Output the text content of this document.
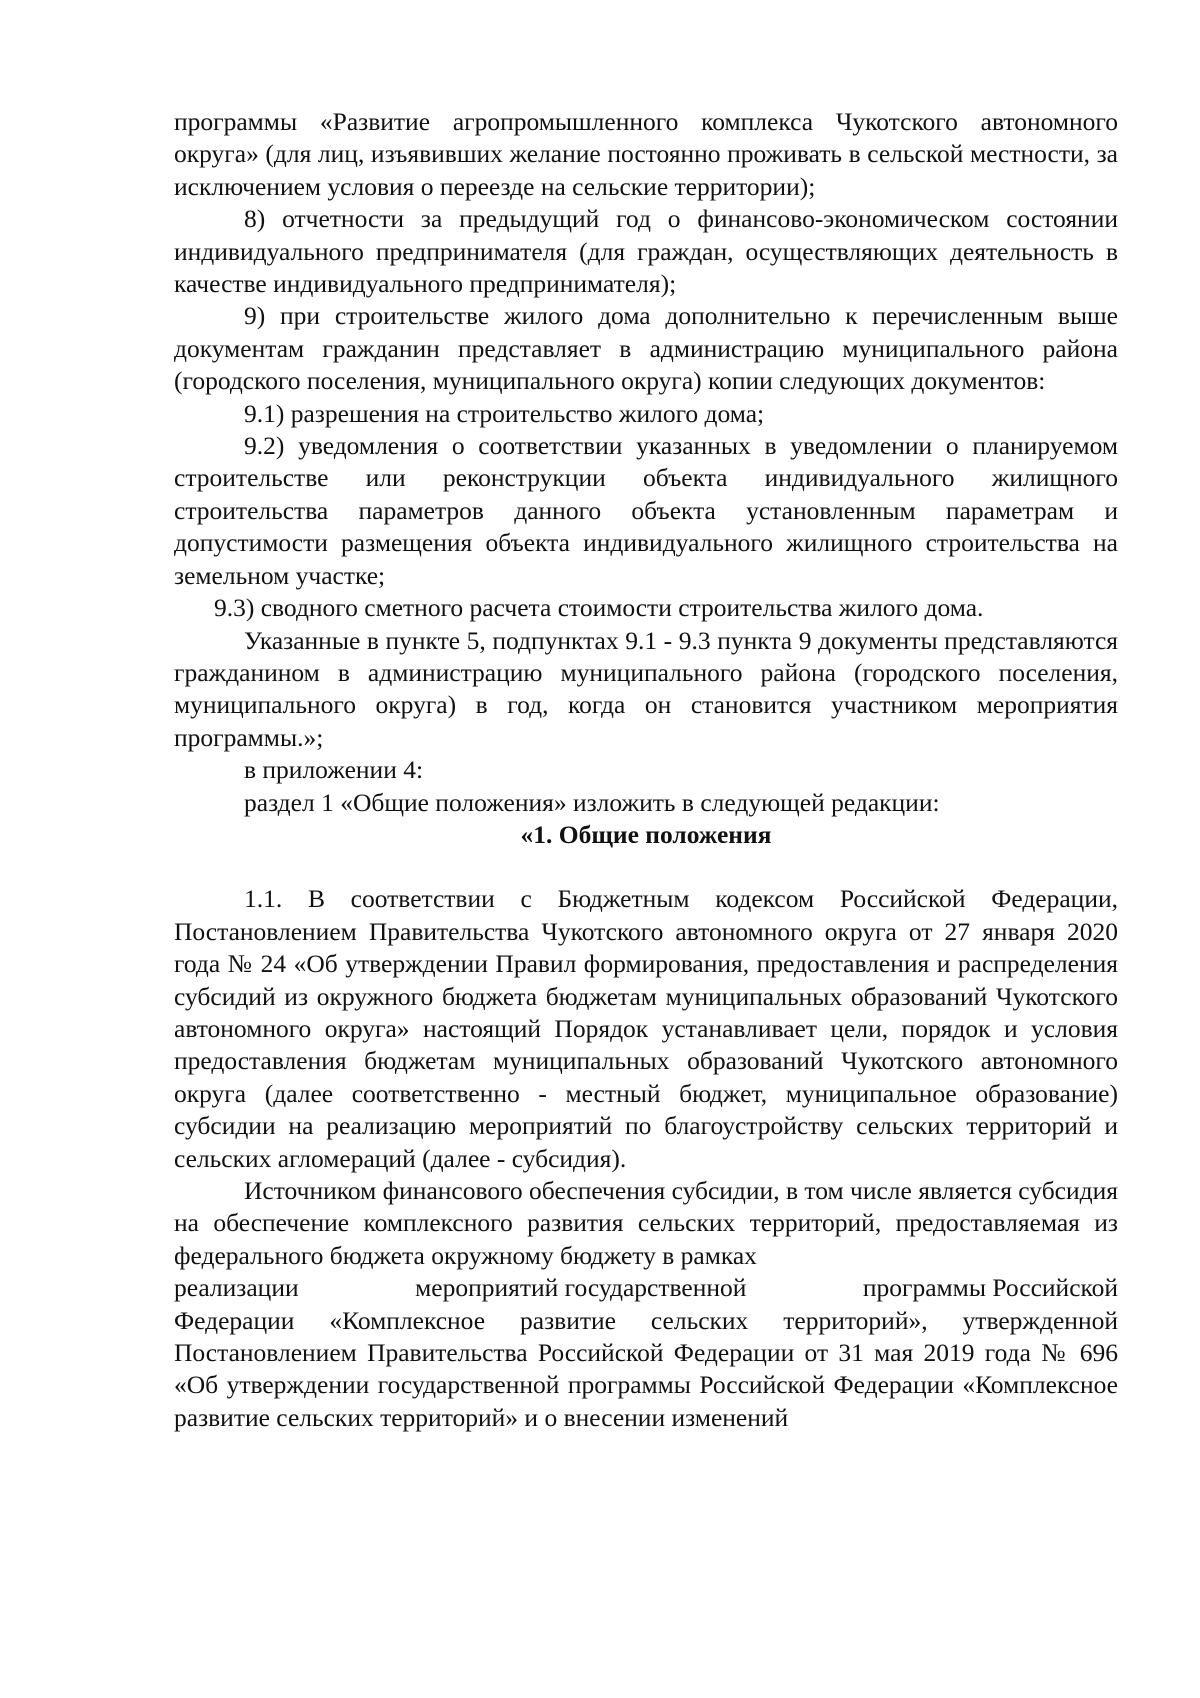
программы «Развитие агропромышленного комплекса Чукотского автономного округа» (для лиц, изъявивших желание постоянно проживать в сельской местности, за исключением условия о переезде на сельские территории);

8) отчетности за предыдущий год о финансово-экономическом состоянии индивидуального предпринимателя (для граждан, осуществляющих деятельность в качестве индивидуального предпринимателя);

9) при строительстве жилого дома дополнительно к перечисленным выше документам гражданин представляет в администрацию муниципального района (городского поселения, муниципального округа) копии следующих документов:

9.1) разрешения на строительство жилого дома;

9.2) уведомления о соответствии указанных в уведомлении о планируемом строительстве или реконструкции объекта индивидуального жилищного строительства параметров данного объекта установленным параметрам и допустимости размещения объекта индивидуального жилищного строительства на земельном участке;

9.3) сводного сметного расчета стоимости строительства жилого дома.

Указанные в пункте 5, подпунктах 9.1 - 9.3 пункта 9 документы представляются гражданином в администрацию муниципального района (городского поселения, муниципального округа) в год, когда он становится участником мероприятия программы.»;

в приложении 4:

раздел 1 «Общие положения» изложить в следующей редакции:

«1. Общие положения

1.1. В соответствии с Бюджетным кодексом Российской Федерации, Постановлением Правительства Чукотского автономного округа от 27 января 2020 года № 24 «Об утверждении Правил формирования, предоставления и распределения субсидий из окружного бюджета бюджетам муниципальных образований Чукотского автономного округа» настоящий Порядок устанавливает цели, порядок и условия предоставления бюджетам муниципальных образований Чукотского автономного округа (далее соответственно - местный бюджет, муниципальное образование) субсидии на реализацию мероприятий по благоустройству сельских территорий и сельских агломераций (далее - субсидия).

Источником финансового обеспечения субсидии, в том числе является субсидия на обеспечение комплексного развития сельских территорий, предоставляемая из федерального бюджета окружному бюджету в рамках

реализации	мероприятий государственной	программы Российской

Федерации «Комплексное развитие сельских территорий», утвержденной Постановлением Правительства Российской Федерации от 31 мая 2019 года № 696 «Об утверждении государственной программы Российской Федерации «Комплексное развитие сельских территорий» и о внесении изменений
